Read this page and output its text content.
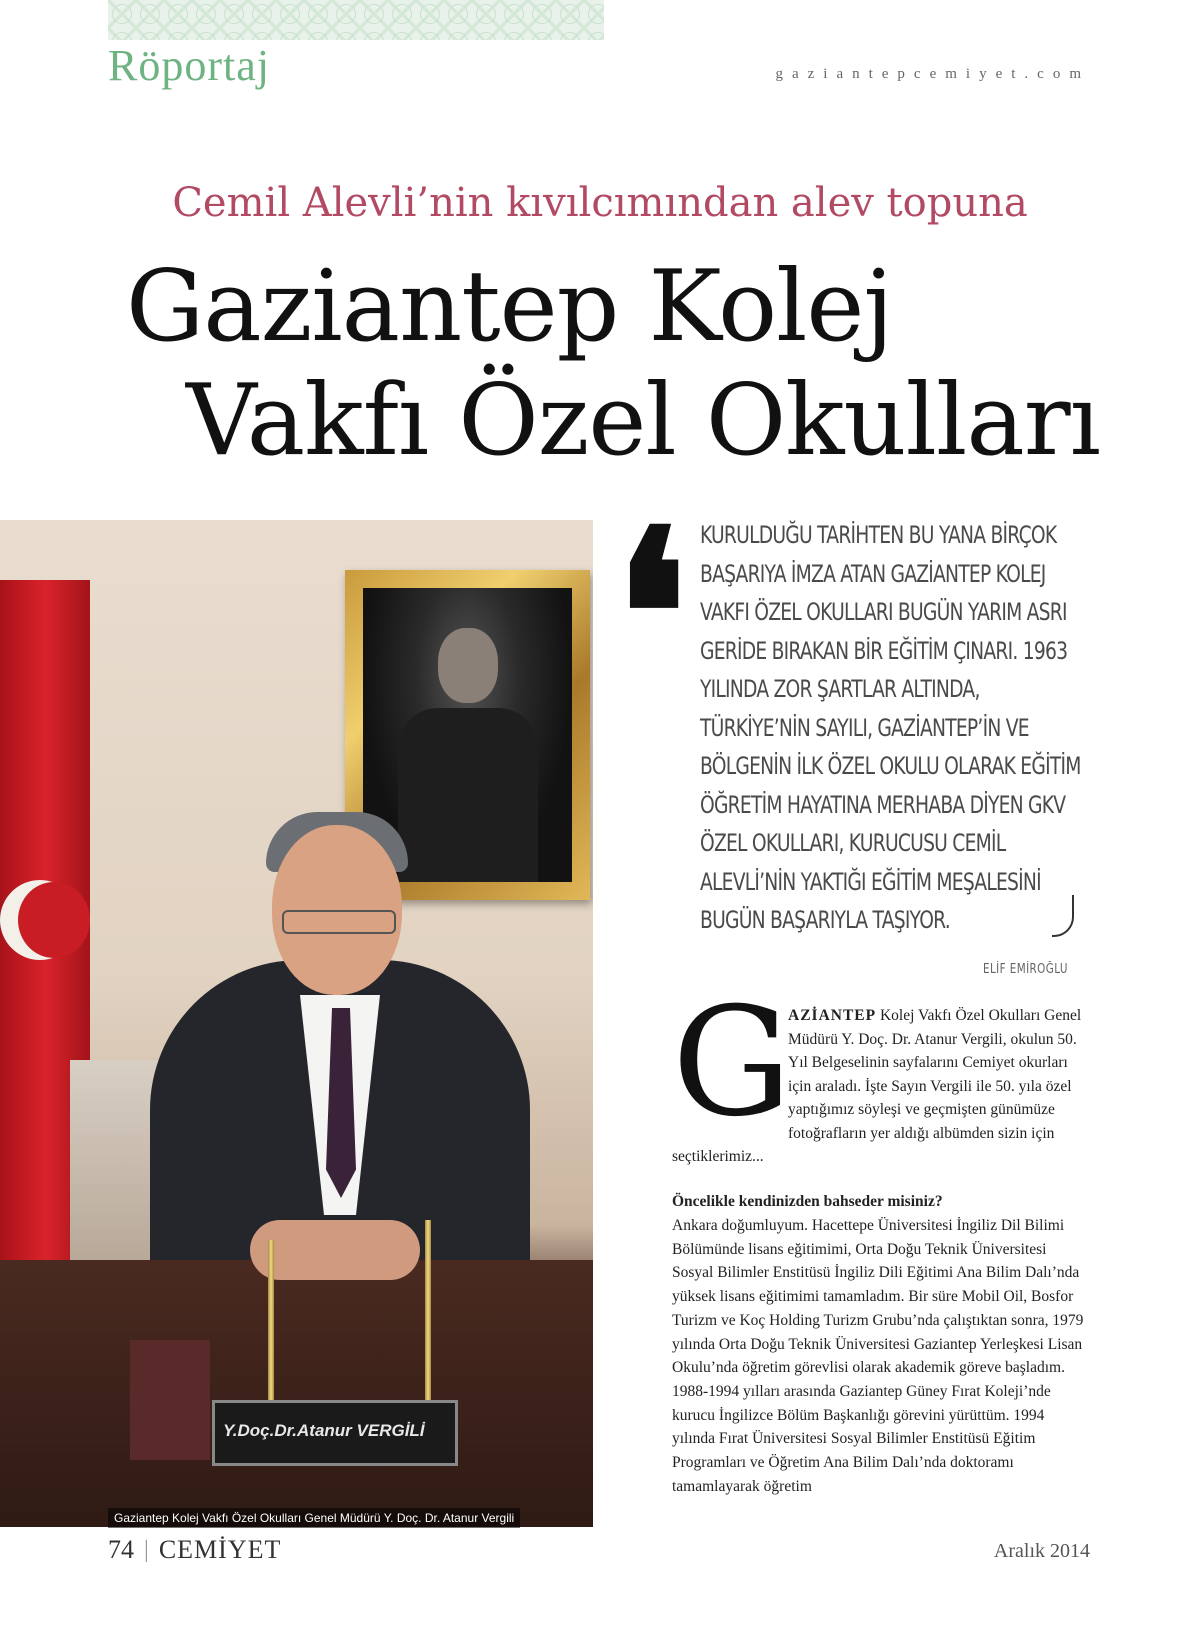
Röportaj	gaziantepcemiyet.com
Cemil Alevli’nin kıvılcımından alev topuna
Gaziantep Kolej
Vakfı Özel Okulları
Y.Doç.Dr.Atanur VERGİLİ
Gaziantep Kolej Vakfı Özel Okulları Genel Müdürü Y. Doç. Dr. Atanur Vergili
❛ KURULDUĞU TARİHTEN BU YANA BİRÇOK BAŞARIYA İMZA ATAN GAZİANTEP KOLEJ VAKFI ÖZEL OKULLARI BUGÜN YARIM ASRI GERİDE BIRAKAN BİR EĞİTİM ÇINARI. 1963 YILINDA ZOR ŞARTLAR ALTINDA, TÜRKİYE’NİN SAYILI, GAZİANTEP’İN VE BÖLGENİN İLK ÖZEL OKULU OLARAK EĞİTİM ÖĞRETİM HAYATINA MERHABA DİYEN GKV ÖZEL OKULLARI, KURUCUSU CEMİL ALEVLİ’NİN YAKTIĞI EĞİTİM MEŞALESİNİ BUGÜN BAŞARIYLA TAŞIYOR.

ELİF EMİROĞLU
G

AZİANTEP Kolej Vakfı Özel Okulları Genel Müdürü Y. Doç. Dr. Atanur Vergili, okulun 50. Yıl Belgeselinin sayfalarını Cemiyet okurları için araladı. İşte Sayın Vergili ile 50. yıla özel yaptığımız söyleşi ve geçmişten günümüze fotoğrafların yer aldığı albümden sizin için seçtiklerimiz...

Öncelikle kendinizden bahseder misiniz?

Ankara doğumluyum. Hacettepe Üniversitesi İngiliz Dil Bilimi Bölümünde lisans eğitimimi, Orta Doğu Teknik Üniversitesi Sosyal Bilimler Enstitüsü İngiliz Dili Eğitimi Ana Bilim Dalı’nda yüksek lisans eğitimimi tamamladım. Bir süre Mobil Oil, Bosfor Turizm ve Koç Holding Turizm Grubu’nda çalıştıktan sonra, 1979 yılında Orta Doğu Teknik Üniversitesi Gaziantep Yerleşkesi Lisan Okulu’nda öğretim görevlisi olarak akademik göreve başladım. 1988-1994 yılları arasında Gaziantep Güney Fırat Koleji’nde kurucu İngilizce Bölüm Başkanlığı görevini yürüttüm. 1994 yılında Fırat Üniversitesi Sosyal Bilimler Enstitüsü Eğitim Programları ve Öğretim Ana Bilim Dalı’nda doktoramı tamamlayarak öğretim

74 | CEMİYET	Aralık 2014
